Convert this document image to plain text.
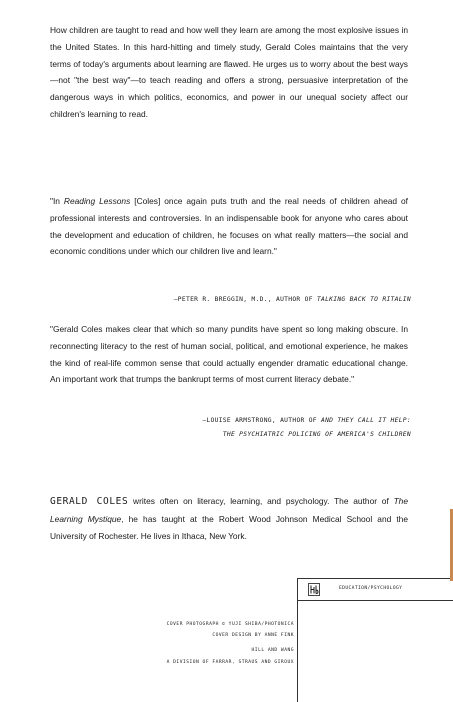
How children are taught to read and how well they learn are among the most explosive issues in the United States. In this hard-hitting and timely study, Gerald Coles maintains that the very terms of today's arguments about learning are flawed. He urges us to worry about the best ways—not "the best way"—to teach reading and offers a strong, persuasive interpretation of the dangerous ways in which politics, economics, and power in our unequal society affect our children's learning to read.

"In Reading Lessons [Coles] once again puts truth and the real needs of children ahead of professional interests and controversies. In an indispensable book for anyone who cares about the development and education of children, he focuses on what really matters—the social and economic conditions under which our children live and learn."

—PETER R. BREGGIN, M.D., AUTHOR OF TALKING BACK TO RITALIN

"Gerald Coles makes clear that which so many pundits have spent so long making obscure. In reconnecting literacy to the rest of human social, political, and emotional experience, he makes the kind of real-life common sense that could actually engender dramatic educational change. An important work that trumps the bankrupt terms of most current literacy debate."

—LOUISE ARMSTRONG, AUTHOR OF AND THEY CALL IT HELP:
THE PSYCHIATRIC POLICING OF AMERICA'S CHILDREN

GERALD COLES writes often on literacy, learning, and psychology. The author of The Learning Mystique, he has taught at the Robert Wood Johnson Medical School and the University of Rochester. He lives in Ithaca, New York.

COVER PHOTOGRAPH © YUJI SHIBA/PHOTONICA
COVER DESIGN BY ANNE FINK
HILL AND WANG
A DIVISION OF FARRAR, STRAUS AND GIROUX
EDUCATION/PSYCHOLOGY
